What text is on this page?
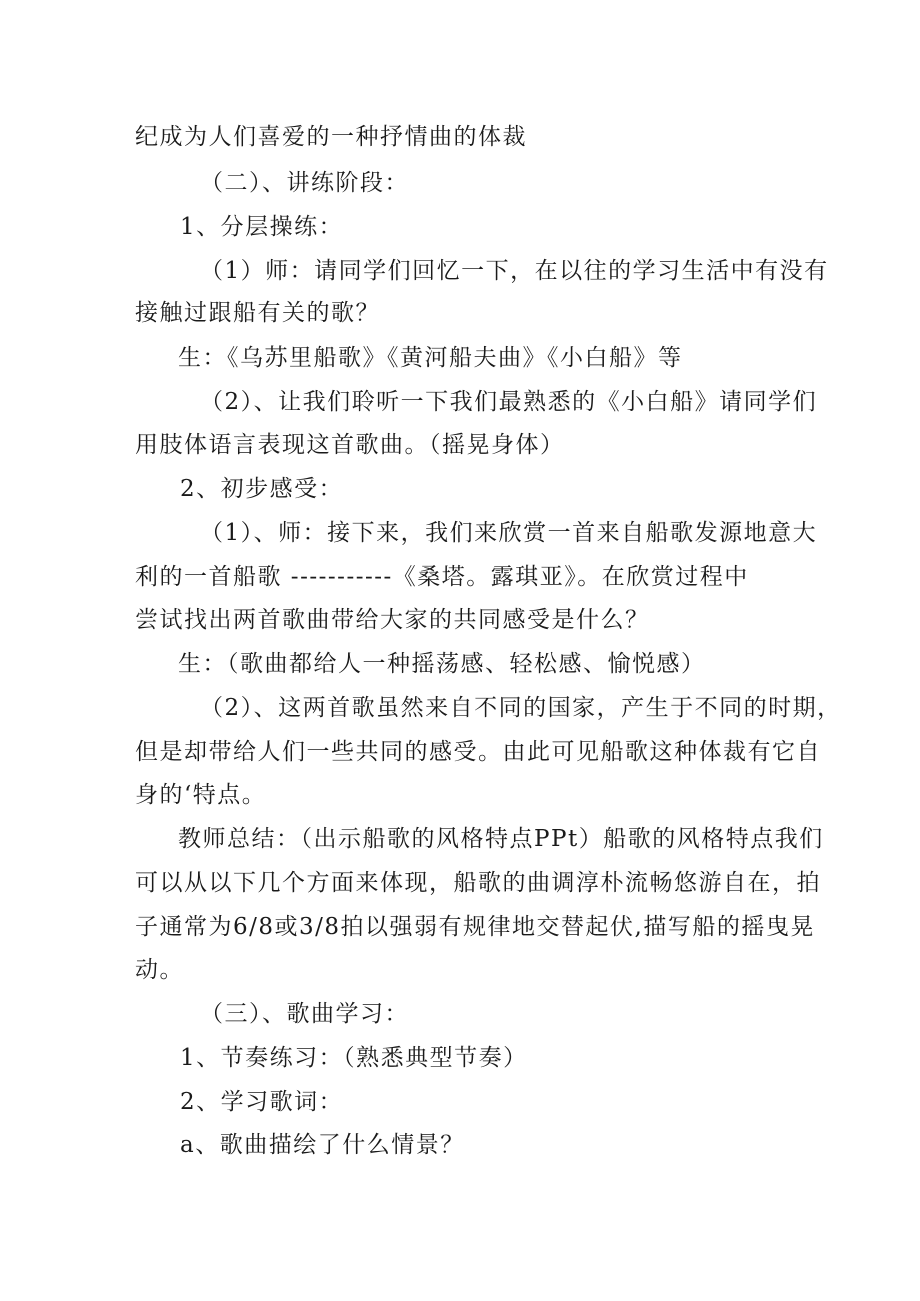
纪成为人们喜爱的一种抒情曲的体裁
（二）、讲练阶段：
1、分层操练：
（1）师：请同学们回忆一下，在以往的学习生活中有没有
接触过跟船有关的歌？
生：《乌苏里船歌》《黄河船夫曲》《小白船》等
（2）、让我们聆听一下我们最熟悉的《小白船》请同学们
用肢体语言表现这首歌曲。（摇晃身体）
2、初步感受：
（1）、师：接下来，我们来欣赏一首来自船歌发源地意大
利的一首船歌 -----------《桑塔。露琪亚》。在欣赏过程中
尝试找出两首歌曲带给大家的共同感受是什么？
生：（歌曲都给人一种摇荡感、轻松感、愉悦感）
（2）、这两首歌虽然来自不同的国家，产生于不同的时期，
但是却带给人们一些共同的感受。由此可见船歌这种体裁有它自
身的‘特点。
教师总结：（出示船歌的风格特点PPt）船歌的风格特点我们
可以从以下几个方面来体现，船歌的曲调淳朴流畅悠游自在，拍
子通常为6/8或3/8拍以强弱有规律地交替起伏,描写船的摇曳晃
动。
（三）、歌曲学习：
1、节奏练习：（熟悉典型节奏）
2、学习歌词：
a、歌曲描绘了什么情景？
